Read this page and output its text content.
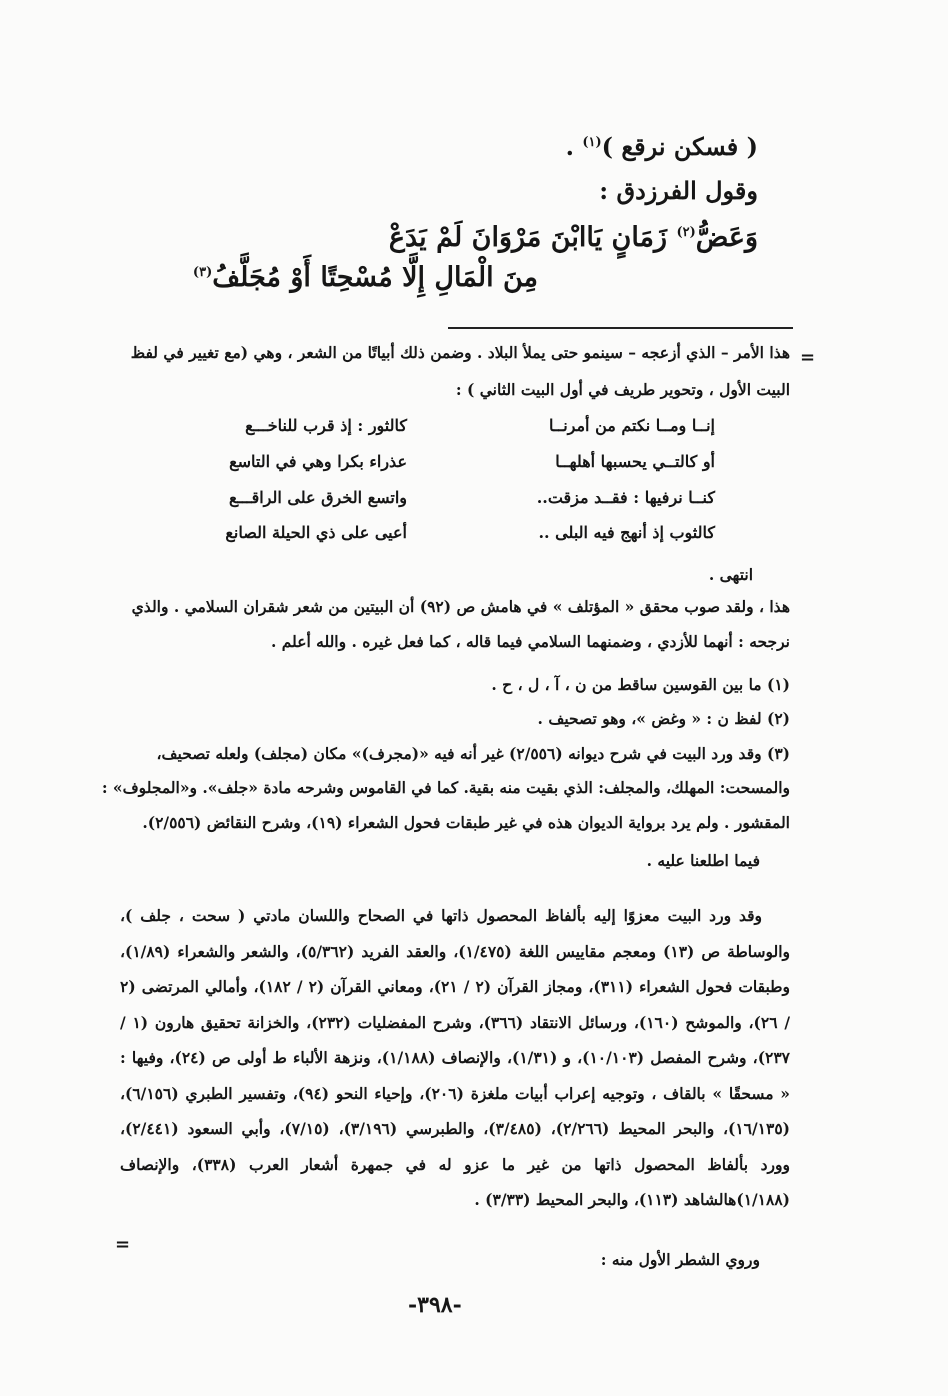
( فسكن نرقع )$^{(١)}$ .
وقول الفرزدق :
وَعَضُّ$^{(٢)}$ زَمَانٍ يَاابْنَ مَرْوَانَ لَمْ يَدَعْ
مِنَ الْمَالِ إِلَّا مُسْحِتًا أَوْ مُجَلَّفُ$^{(٣)}$
=
هذا الأمر – الذي أزعجه – سينمو حتى يملأ البلاد . وضمن ذلك أبياتًا من الشعر ، وهي (مع تغيير في لفظ
البيت الأول ، وتحوير طريف في أول البيت الثاني ) :
إنــا ومــا نكتم من أمرنــا
كالثور : إذ قرب للناخـــع
أو كالتــي يحسبها أهلهــا
عذراء بكرا وهي في التاسع
كنــا نرفيها : فقــد مزقت..
واتسع الخرق على الراقـــع
كالثوب إذ أنهج فيه البلى ..
أعيى على ذي الحيلة الصانع
انتهى .
هذا ، ولقد صوب محقق « المؤتلف » في هامش ص (٩٢) أن البيتين من شعر شقران السلامي . والذي
نرجحه : أنهما للأزدي ، وضمنهما السلامي فيما قاله ، كما فعل غيره . والله أعلم .
(١) ما بين القوسين ساقط من ن ، آ ، ل ، ح .
(٢) لفظ ن : « وغض »، وهو تصحيف .
(٣) وقد ورد البيت في شرح ديوانه (٢/٥٥٦) غير أنه فيه «(مجرف)» مكان (مجلف) ولعله تصحيف،
والمسحت: المهلك، والمجلف: الذي بقيت منه بقية. كما في القاموس وشرحه مادة «جلف». و«المجلوف» :
المقشور . ولم يرد برواية الديوان هذه في غير طبقات فحول الشعراء (١٩)، وشرح النقائض (٢/٥٥٦).
فيما اطلعنا عليه .
وقد ورد البيت معزوًا إليه بألفاظ المحصول ذاتها في الصحاح واللسان مادتي ( سحت ، جلف )، والوساطة ص (١٣) ومعجم مقاييس اللغة (١/٤٧٥)، والعقد الفريد (٥/٣٦٢)، والشعر والشعراء (١/٨٩)، وطبقات فحول الشعراء (٣١١)، ومجاز القرآن (٢ / ٢١)، ومعاني القرآن (٢ / ١٨٢)، وأمالي المرتضى (٢ / ٢٦)، والموشح (١٦٠)، ورسائل الانتقاد (٣٦٦)، وشرح المفضليات (٢٣٢)، والخزانة تحقيق هارون (١ / ٢٣٧)، وشرح المفصل (١٠/١٠٣)، و (١/٣١)، والإنصاف (١/١٨٨)، ونزهة الألباء ط أولى ص (٢٤)، وفيها : « مسحقًا » بالقاف ، وتوجيه إعراب أبيات ملغزة (٢٠٦)، وإحياء النحو (٩٤)، وتفسير الطبري (٦/١٥٦)، (١٦/١٣٥)، والبحر المحيط (٢/٢٦٦)، (٣/٤٨٥)، والطبرسي (٣/١٩٦)، (٧/١٥)، وأبي السعود (٢/٤٤١)، وورد بألفاظ المحصول ذاتها من غير ما عزو له في جمهرة أشعار العرب (٣٣٨)، والإنصاف (١/١٨٨)هالشاهد (١١٣)، والبحر المحيط (٣/٣٣) .
=
وروي الشطر الأول منه :
-٣٩٨-
